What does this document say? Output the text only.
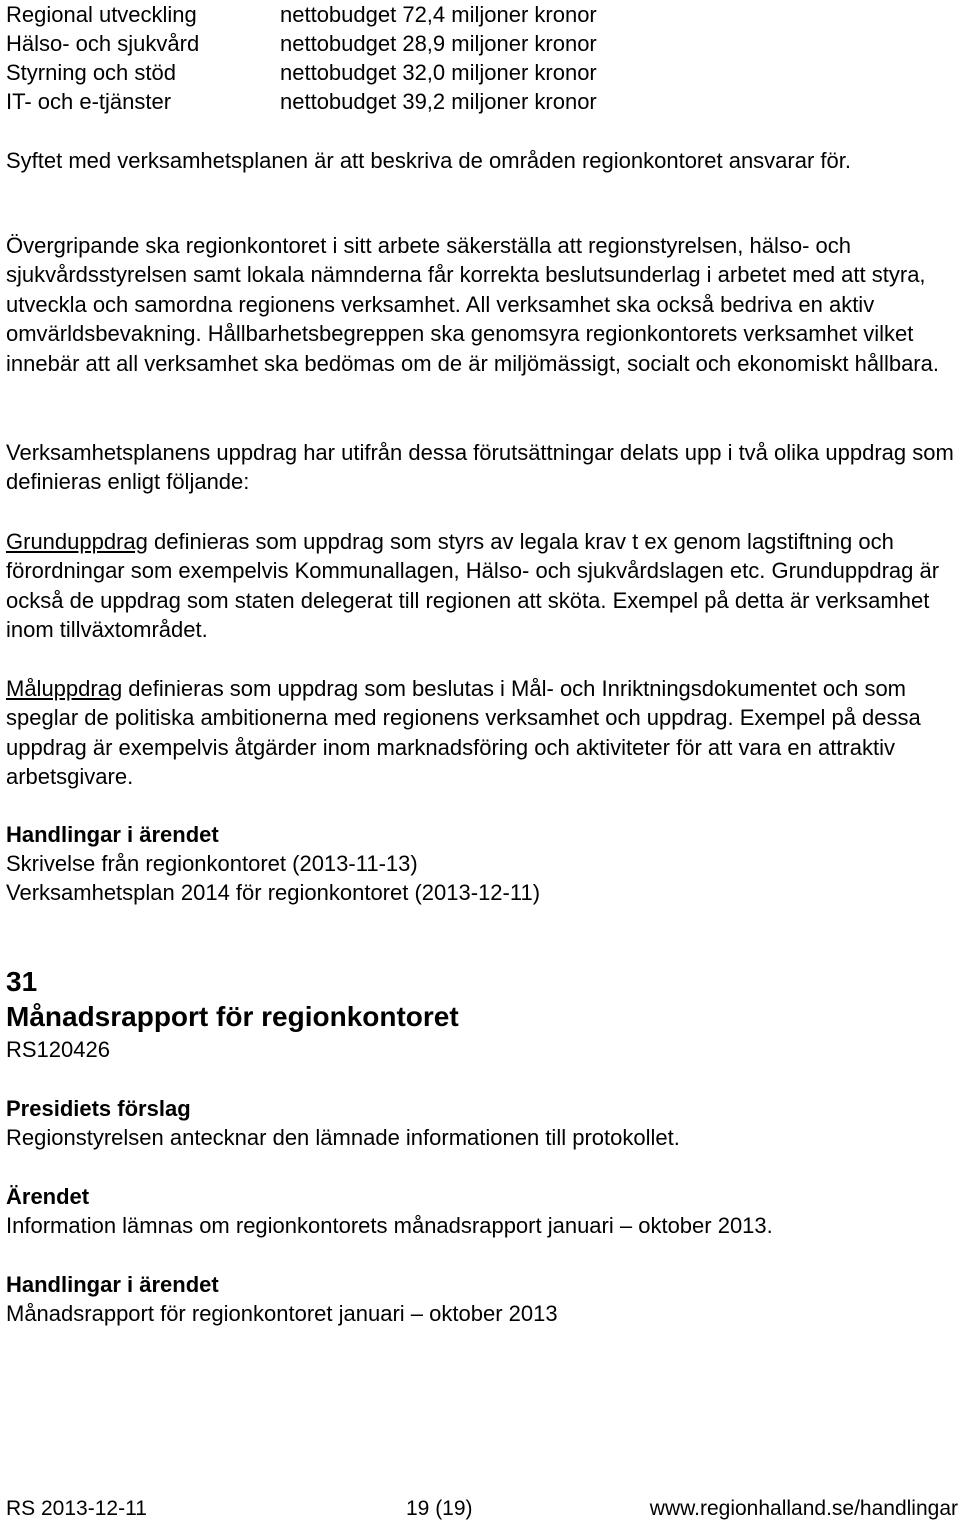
Regional utveckling	nettobudget 72,4 miljoner kronor
Hälso- och sjukvård	nettobudget 28,9 miljoner kronor
Styrning och stöd	nettobudget 32,0 miljoner kronor
IT- och e-tjänster	nettobudget 39,2 miljoner kronor

Syftet med verksamhetsplanen är att beskriva de områden regionkontoret ansvarar för.

Övergripande ska regionkontoret i sitt arbete säkerställa att regionstyrelsen, hälso- och sjukvårdsstyrelsen samt lokala nämnderna får korrekta beslutsunderlag i arbetet med att styra, utveckla och samordna regionens verksamhet. All verksamhet ska också bedriva en aktiv omvärldsbevakning. Hållbarhetsbegreppen ska genomsyra regionkontorets verksamhet vilket innebär att all verksamhet ska bedömas om de är miljömässigt, socialt och ekonomiskt hållbara.

Verksamhetsplanens uppdrag har utifrån dessa förutsättningar delats upp i två olika uppdrag som definieras enligt följande:

Grunduppdrag definieras som uppdrag som styrs av legala krav t ex genom lagstiftning och förordningar som exempelvis Kommunallagen, Hälso- och sjukvårdslagen etc. Grunduppdrag är också de uppdrag som staten delegerat till regionen att sköta. Exempel på detta är verksamhet inom tillväxtområdet.

Måluppdrag definieras som uppdrag som beslutas i Mål- och Inriktningsdokumentet och som speglar de politiska ambitionerna med regionens verksamhet och uppdrag. Exempel på dessa uppdrag är exempelvis åtgärder inom marknadsföring och aktiviteter för att vara en attraktiv arbetsgivare.

Handlingar i ärendet
Skrivelse från regionkontoret (2013-11-13)
Verksamhetsplan 2014 för regionkontoret (2013-12-11)
31
Månadsrapport för regionkontoret
RS120426
Presidiets förslag
Regionstyrelsen antecknar den lämnade informationen till protokollet.
Ärendet
Information lämnas om regionkontorets månadsrapport januari – oktober 2013.
Handlingar i ärendet
Månadsrapport för regionkontoret januari – oktober 2013
RS 2013-12-11	19 (19)	www.regionhalland.se/handlingar
